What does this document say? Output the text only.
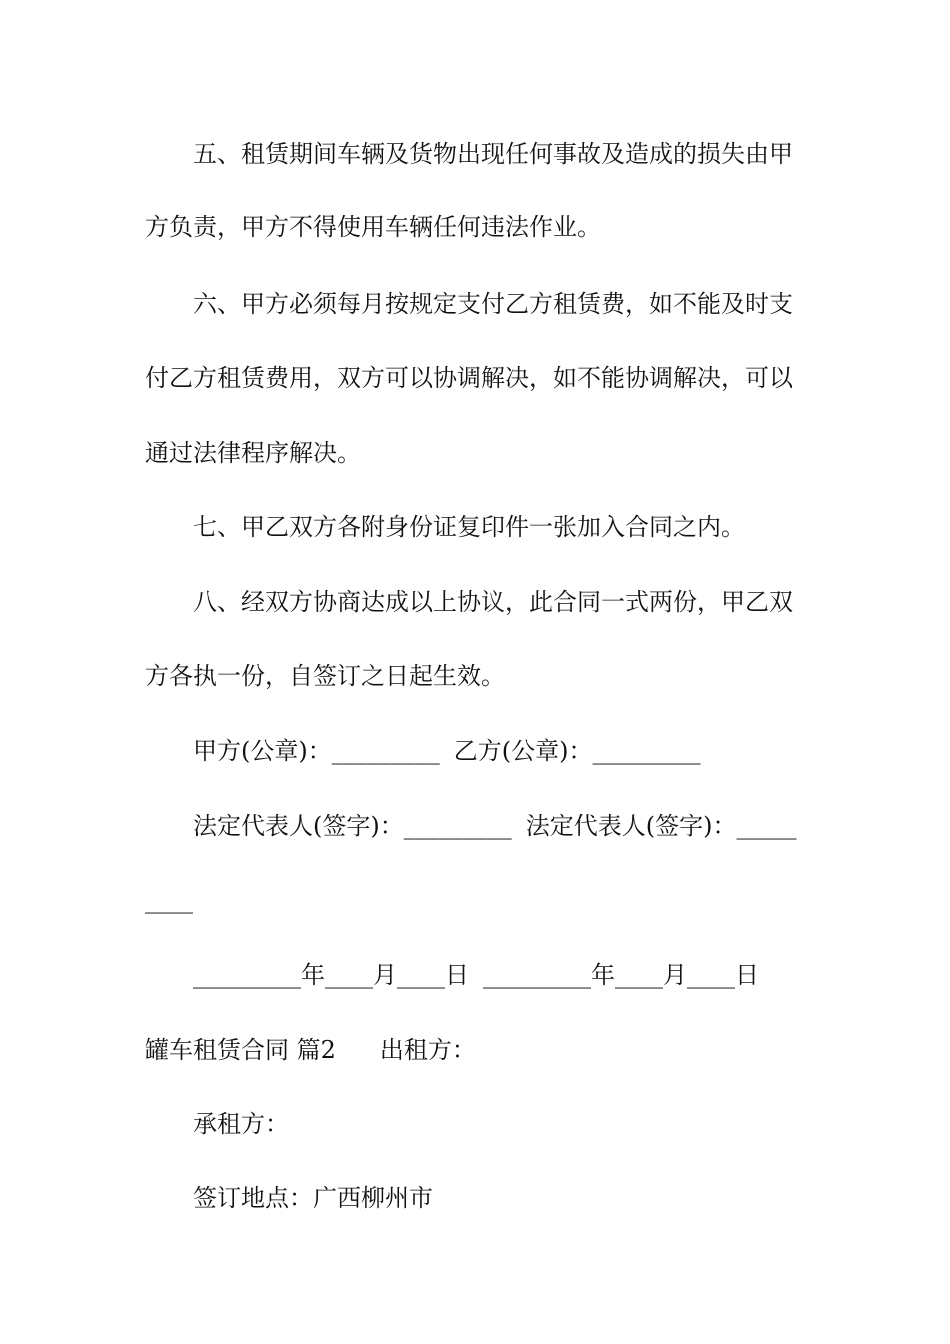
五、租赁期间车辆及货物出现任何事故及造成的损失由甲
方负责，甲方不得使用车辆任何违法作业。
六、甲方必须每月按规定支付乙方租赁费，如不能及时支
付乙方租赁费用，双方可以协调解决，如不能协调解决，可以
通过法律程序解决。
七、甲乙双方各附身份证复印件一张加入合同之内。
八、经双方协商达成以上协议，此合同一式两份，甲乙双
方各执一份，自签订之日起生效。
甲方(公章)：_________ 乙方(公章)：_________
法定代表人(签字)：_________ 法定代表人(签字)：_____
____
_________年____月____日 _________年____月____日
罐车租赁合同 篇2 出租方：
承租方：
签订地点：广西柳州市
